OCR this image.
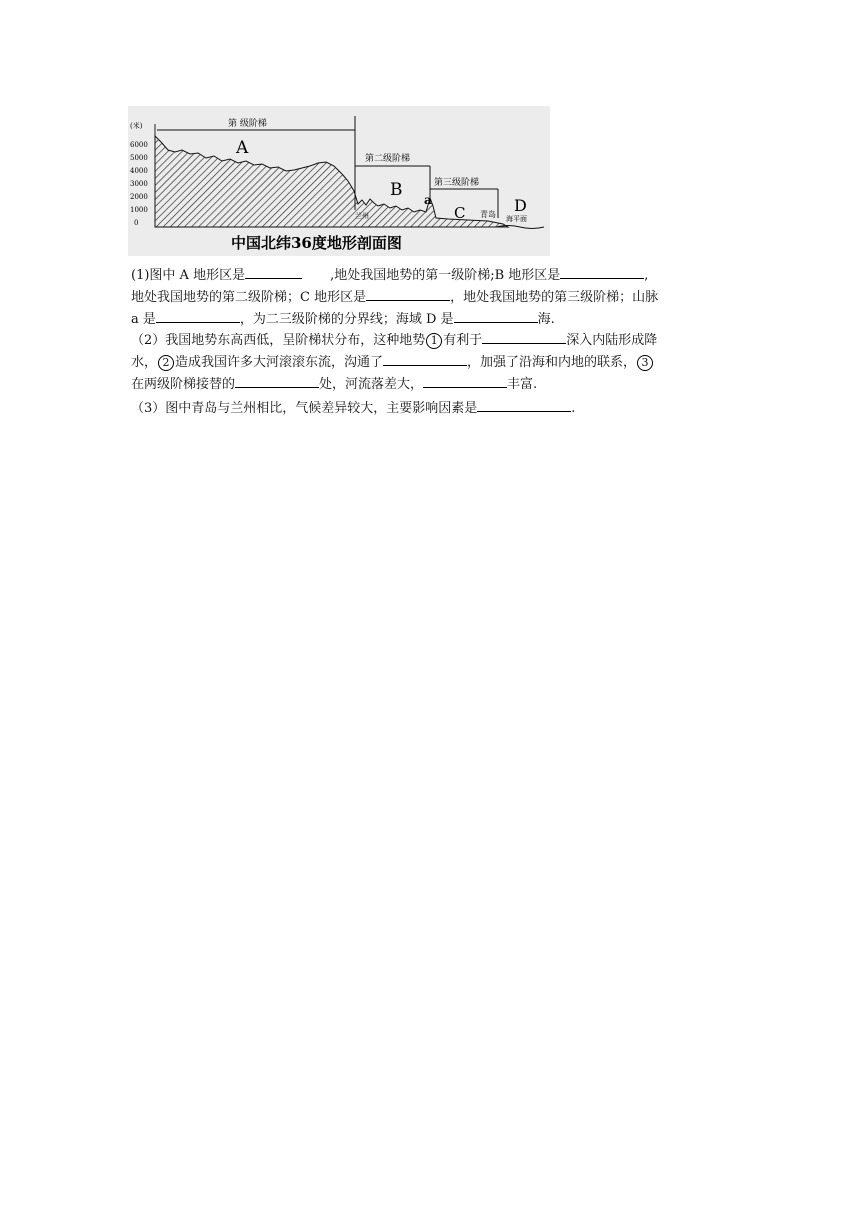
(米)
6000
5000
4000
3000
2000
1000
0
第 级阶梯
第二级阶梯
第三级阶梯
A
B
C	D
a
兰州	青岛 海平面
中国北纬36度地形剖面图
(1)图中 A 地形区是	,地处我国地势的第一级阶梯;B 地形区是	,
地处我国地势的第二级阶梯；C 地形区是	，地处我国地势的第三级阶梯；山脉
a 是	，为二三级阶梯的分界线；海域 D 是	海.
（2）我国地势东高西低，呈阶梯状分布，这种地势 1 有利于	深入内陆形成降
水， 2 造成我国许多大河滚滚东流，沟通了	，加强了沿海和内地的联系， 3
在两级阶梯接替的	处，河流落差大，	丰富.
（3）图中青岛与兰州相比，气候差异较大，主要影响因素是	.
